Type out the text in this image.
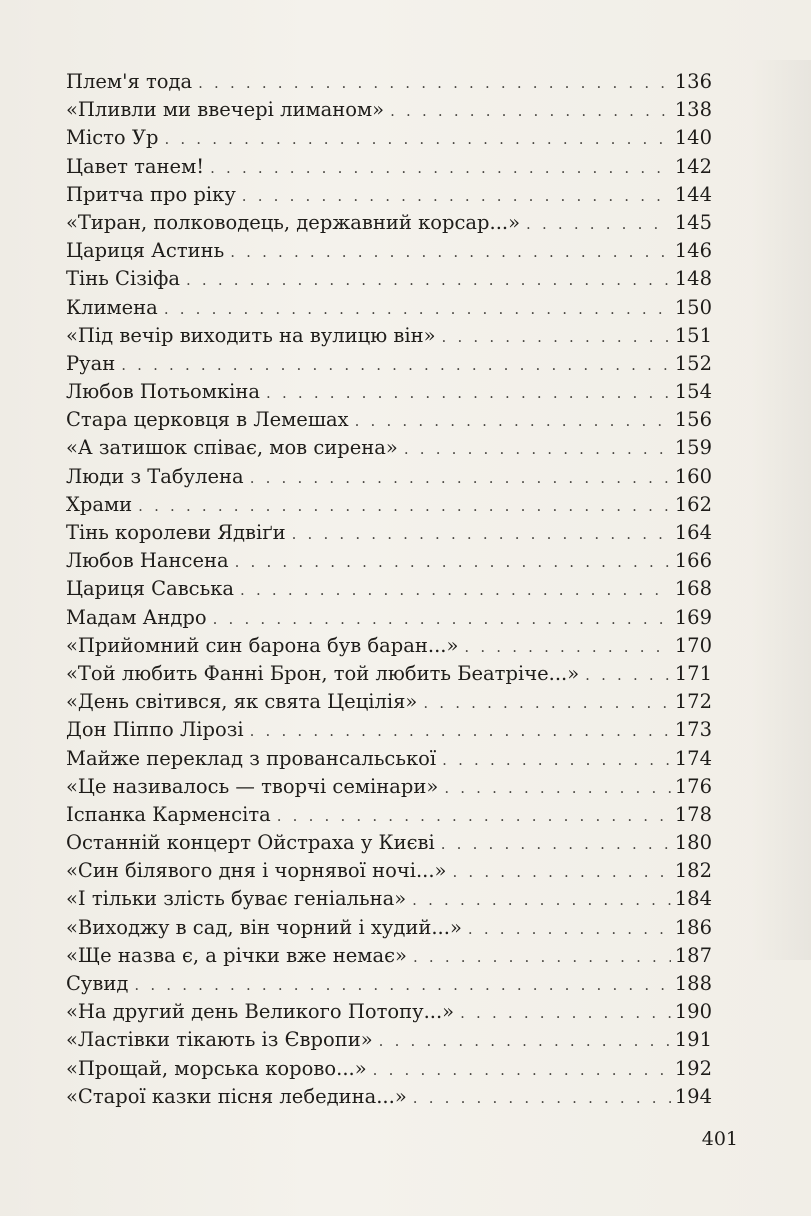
Плем'я тода . . .	136
«Пливли ми ввечері лиманом» . . .	138
Місто Ур . . .	140
Цавет танем! . . .	142
Притча про ріку . . .	144
«Тиран, полководець, державний корсар...» . . .	145
Цариця Астинь . . .	146
Тінь Сізіфа . . .	148
Климена . . .	150
«Під вечір виходить на вулицю він» . . .	151
Руан . . .	152
Любов Потьомкіна . . .	154
Стара церковця в Лемешах . . .	156
«А затишок співає, мов сирена» . . .	159
Люди з Табулена . . .	160
Храми . . .	162
Тінь королеви Ядвіґи . . .	164
Любов Нансена . . .	166
Цариця Савська . . .	168
Мадам Андро . . .	169
«Прийомний син барона був баран...» . . .	170
«Той любить Фанні Брон, той любить Беатріче...» . . .	171
«День світився, як свята Цецілія» . . .	172
Дон Піппо Лірозі . . .	173
Майже переклад з провансальської . . .	174
«Це називалось — творчі семінари» . . .	176
Іспанка Карменсіта . . .	178
Останній концерт Ойстраха у Києві . . .	180
«Син білявого дня і чорнявої ночі...» . . .	182
«І тільки злість буває геніальна» . . .	184
«Виходжу в сад, він чорний і худий...» . . .	186
«Ще назва є, а річки вже немає» . . .	187
Сувид . . .	188
«На другий день Великого Потопу...» . . .	190
«Ластівки тікають із Європи» . . .	191
«Прощай, морська корово...» . . .	192
«Старої казки пісня лебедина...» . . .	194
401
